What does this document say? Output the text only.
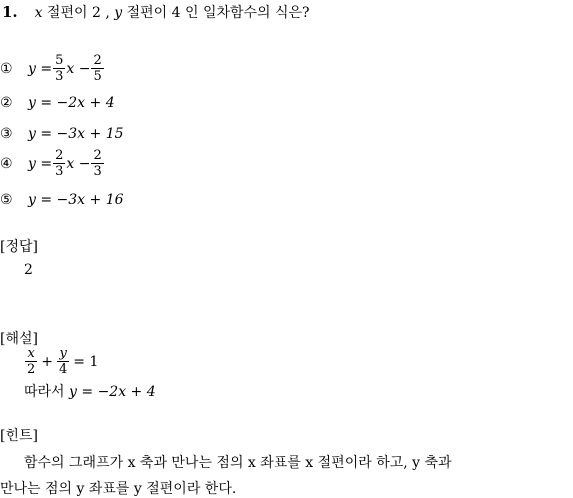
1. x 절편이 2 , y 절편이 4 인 일차함수의 식은?
①	$y = \frac{5}{3}$ $x - \frac{2}{5}$
②	y =
−2x + 4
③	y =
−3x + 15
④	$y = \frac{2}{3}$ $x - \frac{2}{3}$
⑤	y =
−3x + 16
[정답]
2
[해설]
$\frac{x}{2} + \frac{y}{4} = 1$
따라서 y = −2x + 4
[힌트]
함수의 그래프가 x 축과 만나는 점의 x 좌표를 x 절편이라 하고, y 축과
만나는 점의 y 좌표를 y 절편이라 한다.
